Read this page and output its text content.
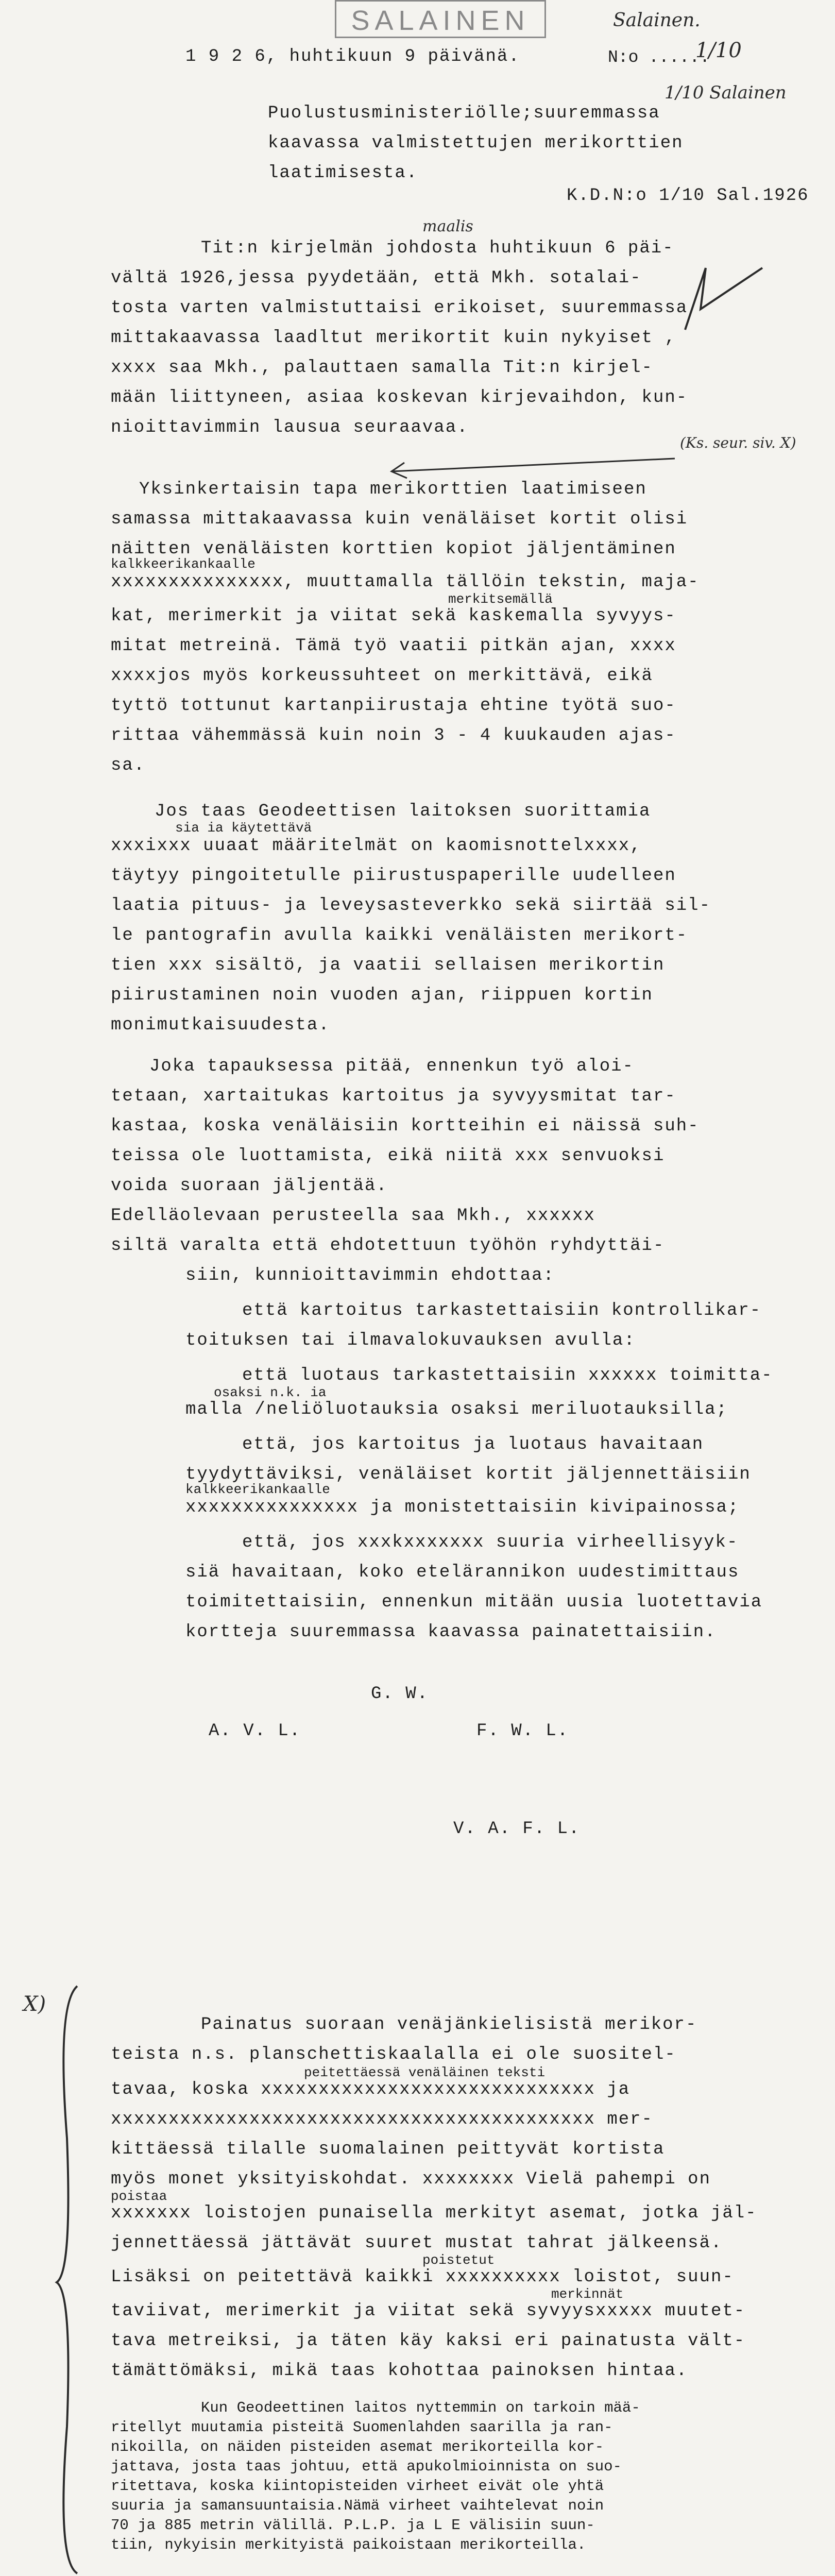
SALAINEN	Salainen.
N:o ......
1/10
1/10 Salainen
1 9 2 6, huhtikuun 9 päivänä.
Puolustusministeriölle;suuremmassa
kaavassa valmistettujen merikorttien
laatimisesta.
K.D.N:o 1/10 Sal.1926
maalis
Tit:n kirjelmän johdosta huhtikuun 6 päi-
vältä 1926,jessa pyydetään, että Mkh. sotalai-
tosta varten valmistuttaisi erikoiset, suuremmassa
mittakaavassa laadltut merikortit kuin nykyiset ,
xxxx saa Mkh., palauttaen samalla Tit:n kirjel-
mään liittyneen, asiaa koskevan kirjevaihdon, kun-
nioittavimmin lausua seuraavaa.
(Ks. seur. siv. X)
Yksinkertaisin tapa merikorttien laatimiseen
samassa mittakaavassa kuin venäläiset kortit olisi
näitten venäläisten korttien kopiot jäljentäminen
kalkkeerikankaalle
xxxxxxxxxxxxxxx, muuttamalla tällöin tekstin, maja-
merkitsemällä
kat, merimerkit ja viitat sekä kaskemalla syvyys-
mitat metreinä. Tämä työ vaatii pitkän ajan, xxxx
xxxxjos myös korkeussuhteet on merkittävä, eikä
tyttö tottunut kartanpiirustaja ehtine työtä suo-
rittaa vähemmässä kuin noin 3 - 4 kuukauden ajas-
sa.
Jos taas Geodeettisen laitoksen suorittamia
sia ia käytettävä
xxxixxx uuaat määritelmät on kaomisnottelxxxx,
täytyy pingoitetulle piirustuspaperille uudelleen
laatia pituus- ja leveysasteverkko sekä siirtää sil-
le pantografin avulla kaikki venäläisten merikort-
tien xxx sisältö, ja vaatii sellaisen merikortin
piirustaminen noin vuoden ajan, riippuen kortin
monimutkaisuudesta.
Joka tapauksessa pitää, ennenkun työ aloi-
tetaan, xartaitukas kartoitus ja syvyysmitat tar-
kastaa, koska venäläisiin kortteihin ei näissä suh-
teissa ole luottamista, eikä niitä xxx senvuoksi
voida suoraan jäljentää.
Edelläolevaan perusteella saa Mkh., xxxxxx
siltä varalta että ehdotettuun työhön ryhdyttäi-
siin, kunnioittavimmin ehdottaa:
että kartoitus tarkastettaisiin kontrollikar-
toituksen tai ilmavalokuvauksen avulla:
että luotaus tarkastettaisiin xxxxxx toimitta-
osaksi n.k. ia
malla /neliöluotauksia osaksi meriluotauksilla;
että, jos kartoitus ja luotaus havaitaan
tyydyttäviksi, venäläiset kortit jäljennettäisiin
kalkkeerikankaalle
xxxxxxxxxxxxxxx ja monistettaisiin kivipainossa;
että, jos xxxkxxxxxxx suuria virheellisyyk-
siä havaitaan, koko etelärannikon uudestimittaus
toimitettaisiin, ennenkun mitään uusia luotettavia
kortteja suuremmassa kaavassa painatettaisiin.
G. W.
A. V. L.	F. W. L.
V. A. F. L.
X)
Painatus suoraan venäjänkielisistä merikor-
teista n.s. planschettiskaalalla ei ole suositel-
peitettäessä venäläinen teksti
tavaa, koska xxxxxxxxxxxxxxxxxxxxxxxxxxxxx ja
xxxxxxxxxxxxxxxxxxxxxxxxxxxxxxxxxxxxxxxxxx mer-
kittäessä tilalle suomalainen peittyvät kortista
myös monet yksityiskohdat. xxxxxxxx Vielä pahempi on
poistaa
xxxxxxx loistojen punaisella merkityt asemat, jotka jäl-
jennettäessä jättävät suuret mustat tahrat jälkeensä.
poistetut
Lisäksi on peitettävä kaikki xxxxxxxxxx loistot, suun-
merkinnät
taviivat, merimerkit ja viitat sekä syvyysxxxxx muutet-
tava metreiksi, ja täten käy kaksi eri painatusta vält-
tämättömäksi, mikä taas kohottaa painoksen hintaa.
Kun Geodeettinen laitos nyttemmin on tarkoin mää-
ritellyt muutamia pisteitä Suomenlahden saarilla ja ran-
nikoilla, on näiden pisteiden asemat merikorteilla kor-
jattava, josta taas johtuu, että apukolmioinnista on suo-
ritettava, koska kiintopisteiden virheet eivät ole yhtä
suuria ja samansuuntaisia.Nämä virheet vaihtelevat noin
70 ja 885 metrin välillä. P.L.P. ja L E välisiin suun-
tiin, nykyisin merkityistä paikoistaan merikorteilla.
